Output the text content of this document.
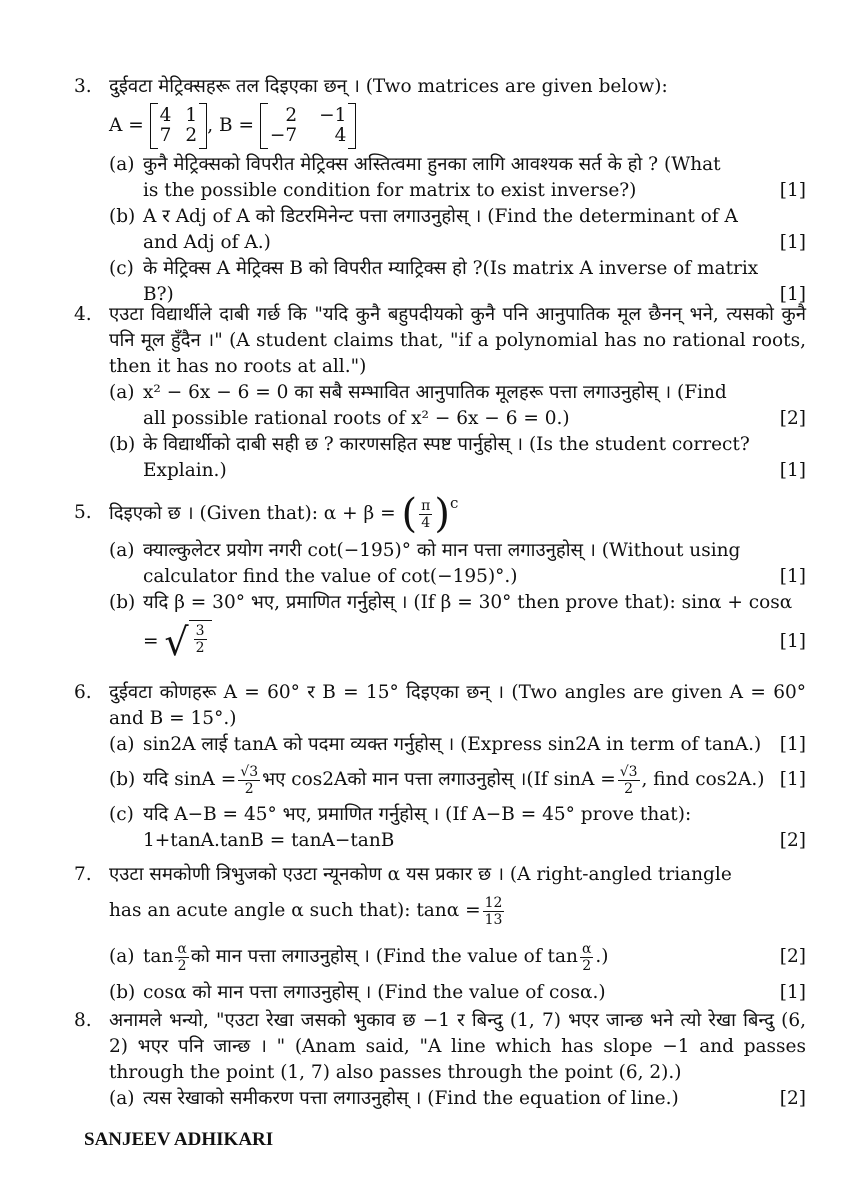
3. दुईवटा मेट्रिक्सहरू तल दिइएका छन् । (Two matrices are given below):
A =
4 1
7 2 , B =
	2 −1
−7	4
(a) कुनै मेट्रिक्सको विपरीत मेट्रिक्स अस्तित्वमा हुनका लागि आवश्यक सर्त के हो ? (What
is the possible condition for matrix to exist inverse?)	[1]
(b) A र Adj of A को डिटरमिनेन्ट पत्ता लगाउनुहोस् । (Find the determinant of A
and Adj of A.)	[1]
(c) के मेट्रिक्स A मेट्रिक्स B को विपरीत म्याट्रिक्स हो ?(Is matrix A inverse of matrix
B?)	[1]
4. एउटा विद्यार्थीले दाबी गर्छ कि "यदि कुनै बहुपदीयको कुनै पनि आनुपातिक मूल छैनन् भने, त्यसको कुनै पनि मूल हुँदैन ।" (A student claims that, "if a polynomial has no rational roots, then it has no roots at all.")
(a) x² − 6x − 6 = 0 का सबै सम्भावित आनुपातिक मूलहरू पत्ता लगाउनुहोस् । (Find
all possible rational roots of x² − 6x − 6 = 0.)	[2]
(b) के विद्यार्थीको दाबी सही छ ? कारणसहित स्पष्ट पार्नुहोस् । (Is the student correct?
Explain.)	[1]
5. दिइएको छ । (Given that): α + β =
( $\frac{\pi}{4} )^c$
(a) क्याल्कुलेटर प्रयोग नगरी cot(−195)° को मान पत्ता लगाउनुहोस् । (Without using
calculator find the value of cot(−195)°.)	[1]
(b) यदि β = 30° भए, प्रमाणित गर्नुहोस् । (If β = 30° then prove that): sinα + cosα
=
√ $\frac{3}{2}$	[1]
6. दुईवटा कोणहरू A = 60° र B = 15° दिइएका छन् । (Two angles are given A = 60° and B = 15°.)
(a) sin2A लाई tanA को पदमा व्यक्त गर्नुहोस् । (Express sin2A in term of tanA.) [1]
(b) यदि $\sin A = \frac{√3}{2}$ भए cos2Aको मान पत्ता लगाउनुहोस् ।(If $\sin A = \frac{√3}{2}$ , find cos2A.) [1]
(c) यदि A−B = 45° भए, प्रमाणित गर्नुहोस् । (If A−B = 45° prove that):
1+tanA.tanB = tanA−tanB	[2]
7. एउटा समकोणी त्रिभुजको एउटा न्यूनकोण α यस प्रकार छ । (A right-angled triangle
has an acute angle α such that): $\tan\alpha = \frac{12}{13}$
(a) $\tan \frac{\alpha}{2}$ को मान पत्ता लगाउनुहोस् । (Find the value of $\tan \frac{\alpha}{2}$ .)	[2]
(b) cosα को मान पत्ता लगाउनुहोस् । (Find the value of cosα.)	[1]
8. अनामले भन्यो, "एउटा रेखा जसको भुकाव छ −1 र बिन्दु (1, 7) भएर जान्छ भने त्यो रेखा बिन्दु (6, 2) भएर पनि जान्छ । " (Anam said, "A line which has slope −1 and passes through the point (1, 7) also passes through the point (6, 2).)
(a) त्यस रेखाको समीकरण पत्ता लगाउनुहोस् । (Find the equation of line.)	[2]
SANJEEV ADHIKARI
